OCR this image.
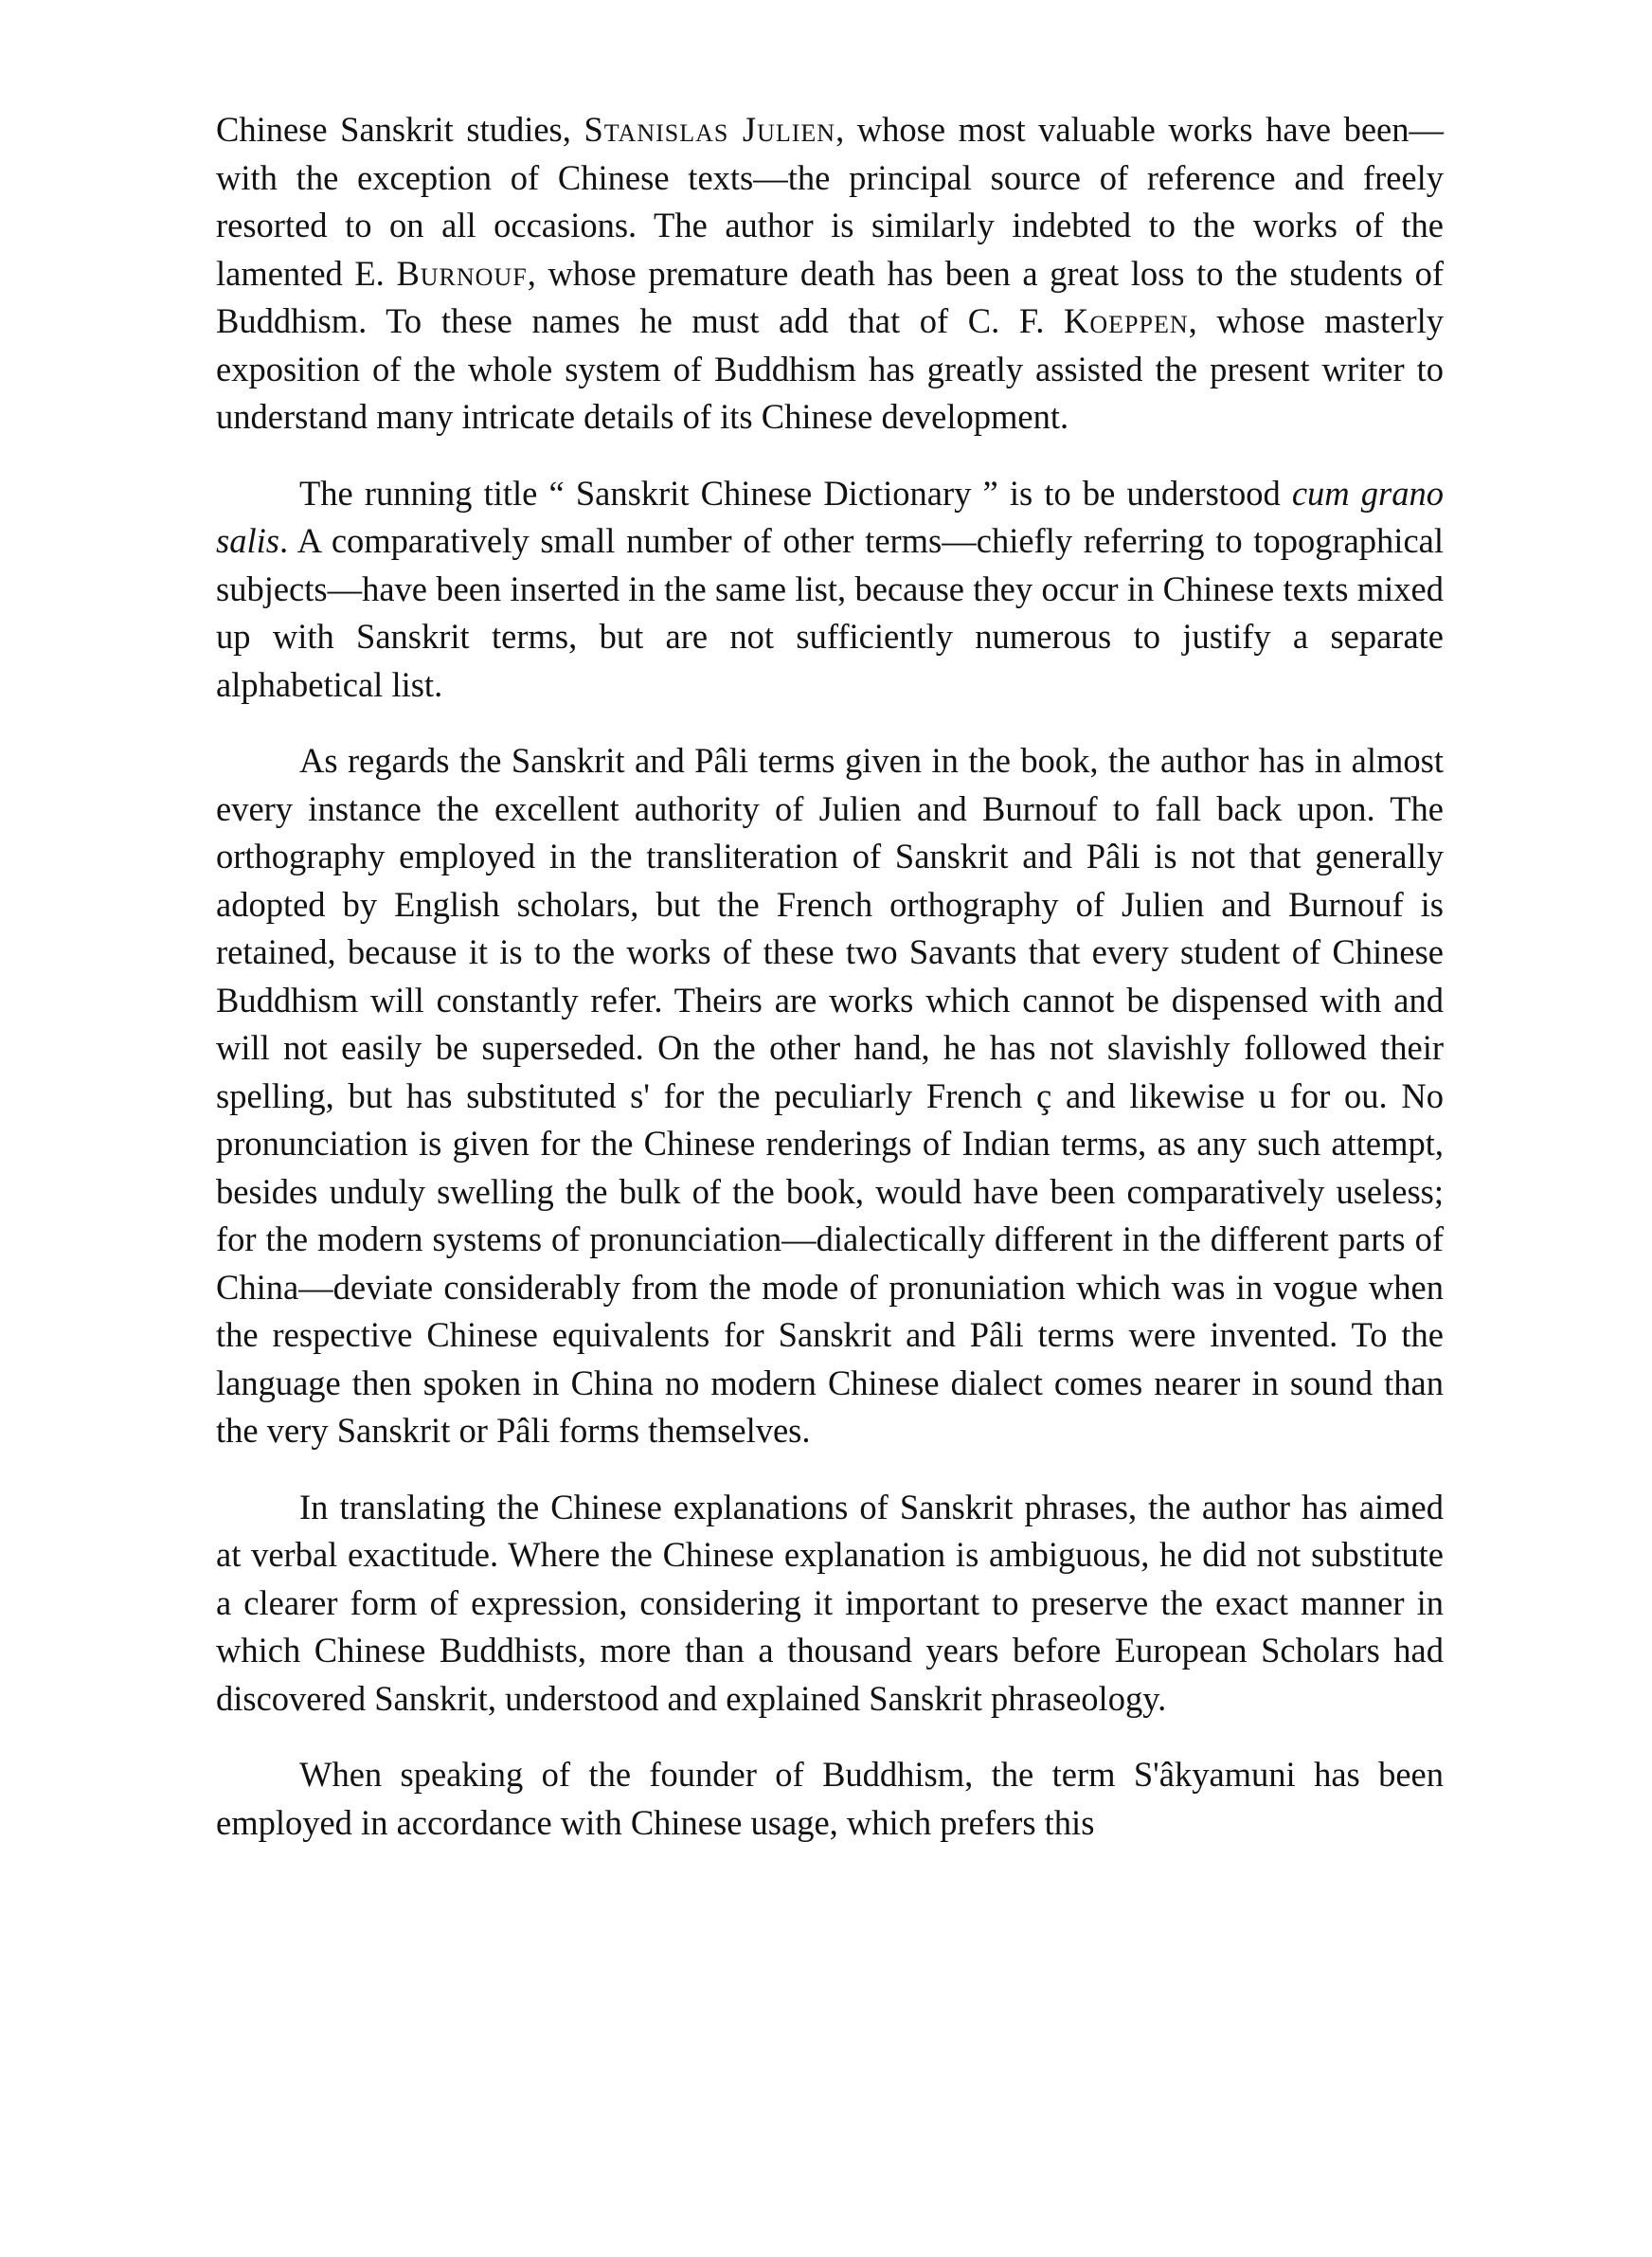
Chinese Sanskrit studies, Stanislas Julien, whose most valuable works have been—with the exception of Chinese texts—the principal source of reference and freely resorted to on all occasions. The author is similarly indebted to the works of the lamented E. Burnouf, whose premature death has been a great loss to the students of Buddhism. To these names he must add that of C. F. Koeppen, whose masterly exposition of the whole system of Buddhism has greatly assisted the present writer to understand many intricate details of its Chinese development.

The running title “ Sanskrit Chinese Dictionary ” is to be understood cum grano salis. A comparatively small number of other terms—chiefly referring to topographical subjects—have been inserted in the same list, because they occur in Chinese texts mixed up with Sanskrit terms, but are not sufficiently numerous to justify a separate alphabetical list.

As regards the Sanskrit and Pâli terms given in the book, the author has in almost every instance the excellent authority of Julien and Burnouf to fall back upon. The orthography employed in the transliteration of Sanskrit and Pâli is not that generally adopted by English scholars, but the French orthography of Julien and Burnouf is retained, because it is to the works of these two Savants that every student of Chinese Buddhism will constantly refer. Theirs are works which cannot be dispensed with and will not easily be superseded. On the other hand, he has not slavishly followed their spelling, but has substituted s' for the peculiarly French ç and likewise u for ou. No pronunciation is given for the Chinese renderings of Indian terms, as any such attempt, besides unduly swelling the bulk of the book, would have been comparatively useless; for the modern systems of pronunciation—dialectically different in the different parts of China—deviate considerably from the mode of pronuniation which was in vogue when the respective Chinese equivalents for Sanskrit and Pâli terms were invented. To the language then spoken in China no modern Chinese dialect comes nearer in sound than the very Sanskrit or Pâli forms themselves.

In translating the Chinese explanations of Sanskrit phrases, the author has aimed at verbal exactitude. Where the Chinese explanation is ambiguous, he did not substitute a clearer form of expression, considering it important to preserve the exact manner in which Chinese Buddhists, more than a thousand years before European Scholars had discovered Sanskrit, understood and explained Sanskrit phraseology.

When speaking of the founder of Buddhism, the term S'âkyamuni has been employed in accordance with Chinese usage, which prefers this
